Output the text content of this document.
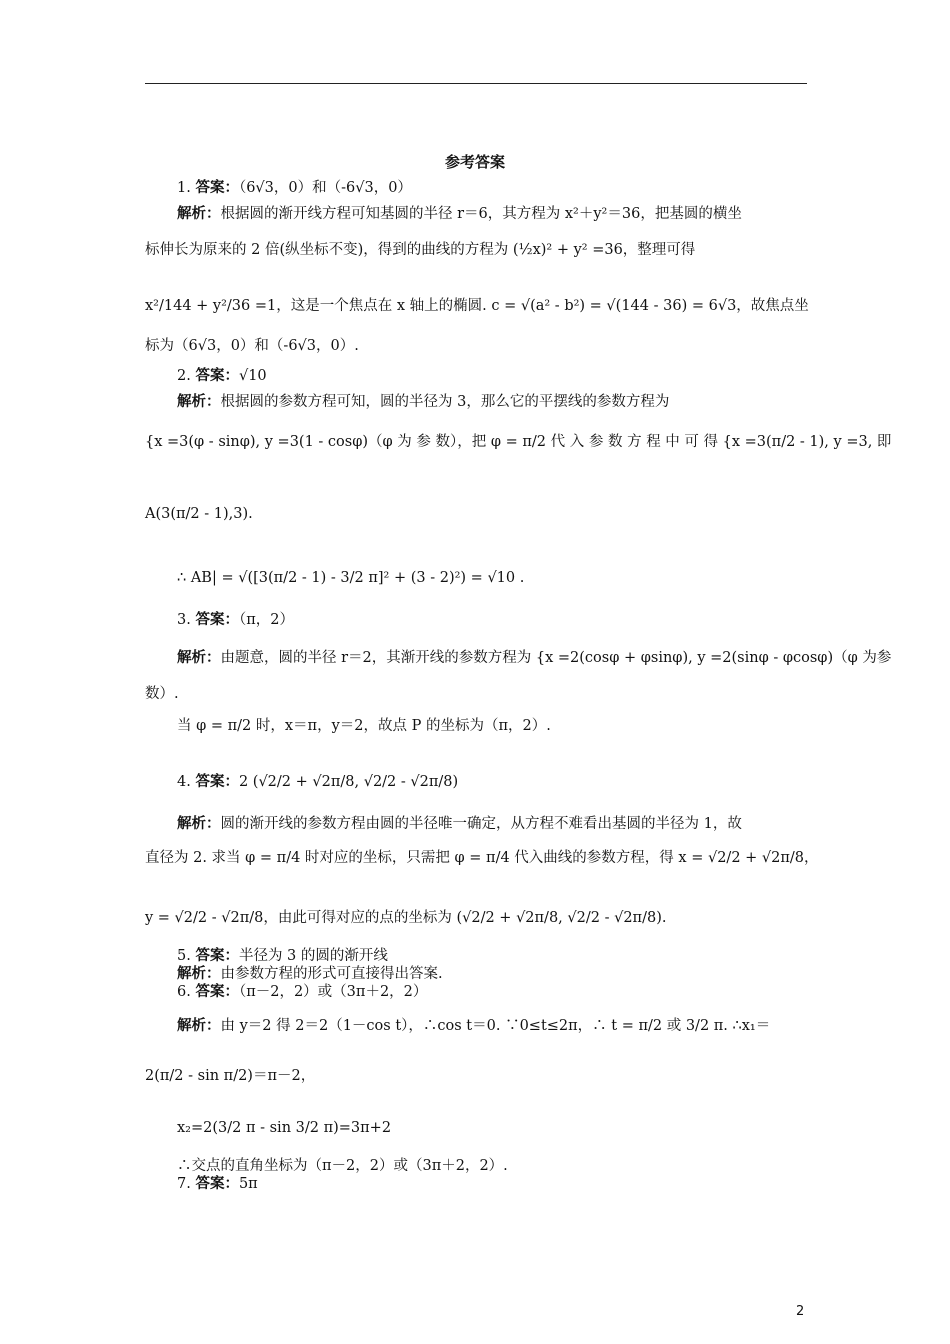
参考答案
1. 答案：（6√3，0）和（-6√3，0）
解析：根据圆的渐开线方程可知基圆的半径 r＝6，其方程为 x²＋y²＝36，把基圆的横坐
标伸长为原来的 2 倍(纵坐标不变)，得到的曲线的方程为 (½x)² + y² =36，整理可得
x²/144 + y²/36 =1，这是一个焦点在 x 轴上的椭圆. c = √(a² - b²) = √(144 - 36) = 6√3，故焦点坐
标为（6√3，0）和（-6√3，0）.
2. 答案：√10
解析：根据圆的参数方程可知，圆的半径为 3，那么它的平摆线的参数方程为
{x =3(φ - sinφ), y =3(1 - cosφ)（φ 为 参 数），把 φ = π/2 代 入 参 数 方 程 中 可 得 {x =3(π/2 - 1), y =3, 即
A(3(π/2 - 1),3).
∴ AB| = √([3(π/2 - 1) - 3/2 π]² + (3 - 2)²) = √10 .
3. 答案：（π，2）
解析：由题意，圆的半径 r＝2，其渐开线的参数方程为 {x =2(cosφ + φsinφ), y =2(sinφ - φcosφ)（φ 为参
数）.
当 φ = π/2 时，x＝π，y＝2，故点 P 的坐标为（π，2）.
4. 答案：2 (√2/2 + √2π/8, √2/2 - √2π/8)
解析：圆的渐开线的参数方程由圆的半径唯一确定，从方程不难看出基圆的半径为 1，故
直径为 2. 求当 φ = π/4 时对应的坐标，只需把 φ = π/4 代入曲线的参数方程，得 x = √2/2 + √2π/8，
y = √2/2 - √2π/8，由此可得对应的点的坐标为 (√2/2 + √2π/8, √2/2 - √2π/8).
5. 答案：半径为 3 的圆的渐开线
解析：由参数方程的形式可直接得出答案.
6. 答案：（π－2，2）或（3π＋2，2）
解析：由 y＝2 得 2＝2（1－cos t），∴cos t＝0. ∵0≤t≤2π，∴ t = π/2 或 3/2 π. ∴x₁＝
2(π/2 - sin π/2)＝π－2，
x₂=2(3/2 π - sin 3/2 π)=3π+2
∴交点的直角坐标为（π－2，2）或（3π＋2，2）.
7. 答案：5π
2
